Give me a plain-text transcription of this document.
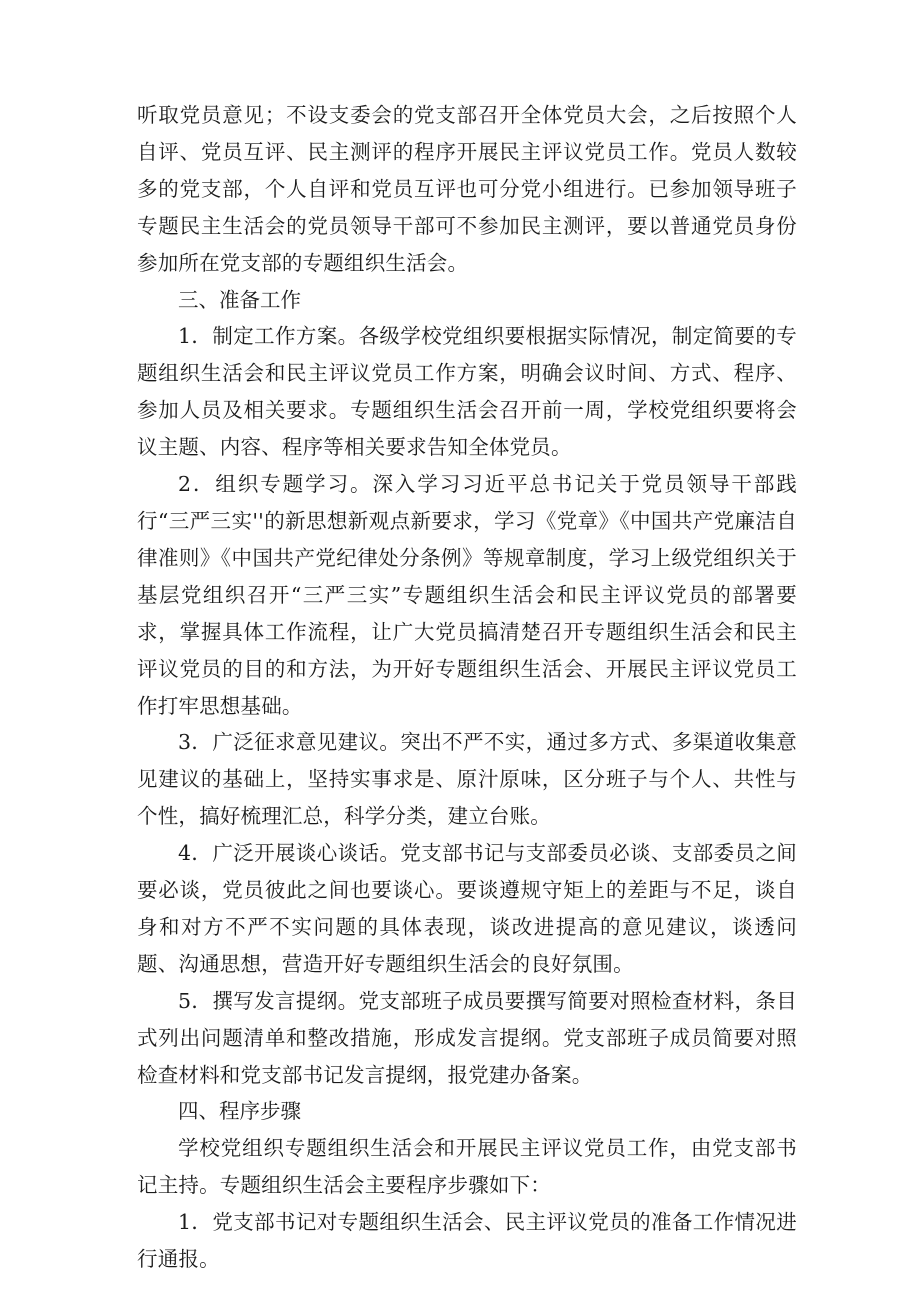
听取党员意见；不设支委会的党支部召开全体党员大会，之后按照个人自评、党员互评、民主测评的程序开展民主评议党员工作。党员人数较多的党支部，个人自评和党员互评也可分党小组进行。已参加领导班子专题民主生活会的党员领导干部可不参加民主测评，要以普通党员身份参加所在党支部的专题组织生活会。

三、准备工作

1．制定工作方案。各级学校党组织要根据实际情况，制定简要的专题组织生活会和民主评议党员工作方案，明确会议时间、方式、程序、参加人员及相关要求。专题组织生活会召开前一周，学校党组织要将会议主题、内容、程序等相关要求告知全体党员。

2．组织专题学习。深入学习习近平总书记关于党员领导干部践行“三严三实''的新思想新观点新要求，学习《党章》《中国共产党廉洁自律准则》《中国共产党纪律处分条例》等规章制度，学习上级党组织关于基层党组织召开“三严三实”专题组织生活会和民主评议党员的部署要求，掌握具体工作流程，让广大党员搞清楚召开专题组织生活会和民主评议党员的目的和方法，为开好专题组织生活会、开展民主评议党员工作打牢思想基础。

3．广泛征求意见建议。突出不严不实，通过多方式、多渠道收集意见建议的基础上，坚持实事求是、原汁原味，区分班子与个人、共性与个性，搞好梳理汇总，科学分类，建立台账。

4．广泛开展谈心谈话。党支部书记与支部委员必谈、支部委员之间要必谈，党员彼此之间也要谈心。要谈遵规守矩上的差距与不足，谈自身和对方不严不实问题的具体表现，谈改进提高的意见建议，谈透问题、沟通思想，营造开好专题组织生活会的良好氛围。

5．撰写发言提纲。党支部班子成员要撰写简要对照检查材料，条目式列出问题清单和整改措施，形成发言提纲。党支部班子成员简要对照检查材料和党支部书记发言提纲，报党建办备案。

四、程序步骤

学校党组织专题组织生活会和开展民主评议党员工作，由党支部书记主持。专题组织生活会主要程序步骤如下：

1．党支部书记对专题组织生活会、民主评议党员的准备工作情况进行通报。
